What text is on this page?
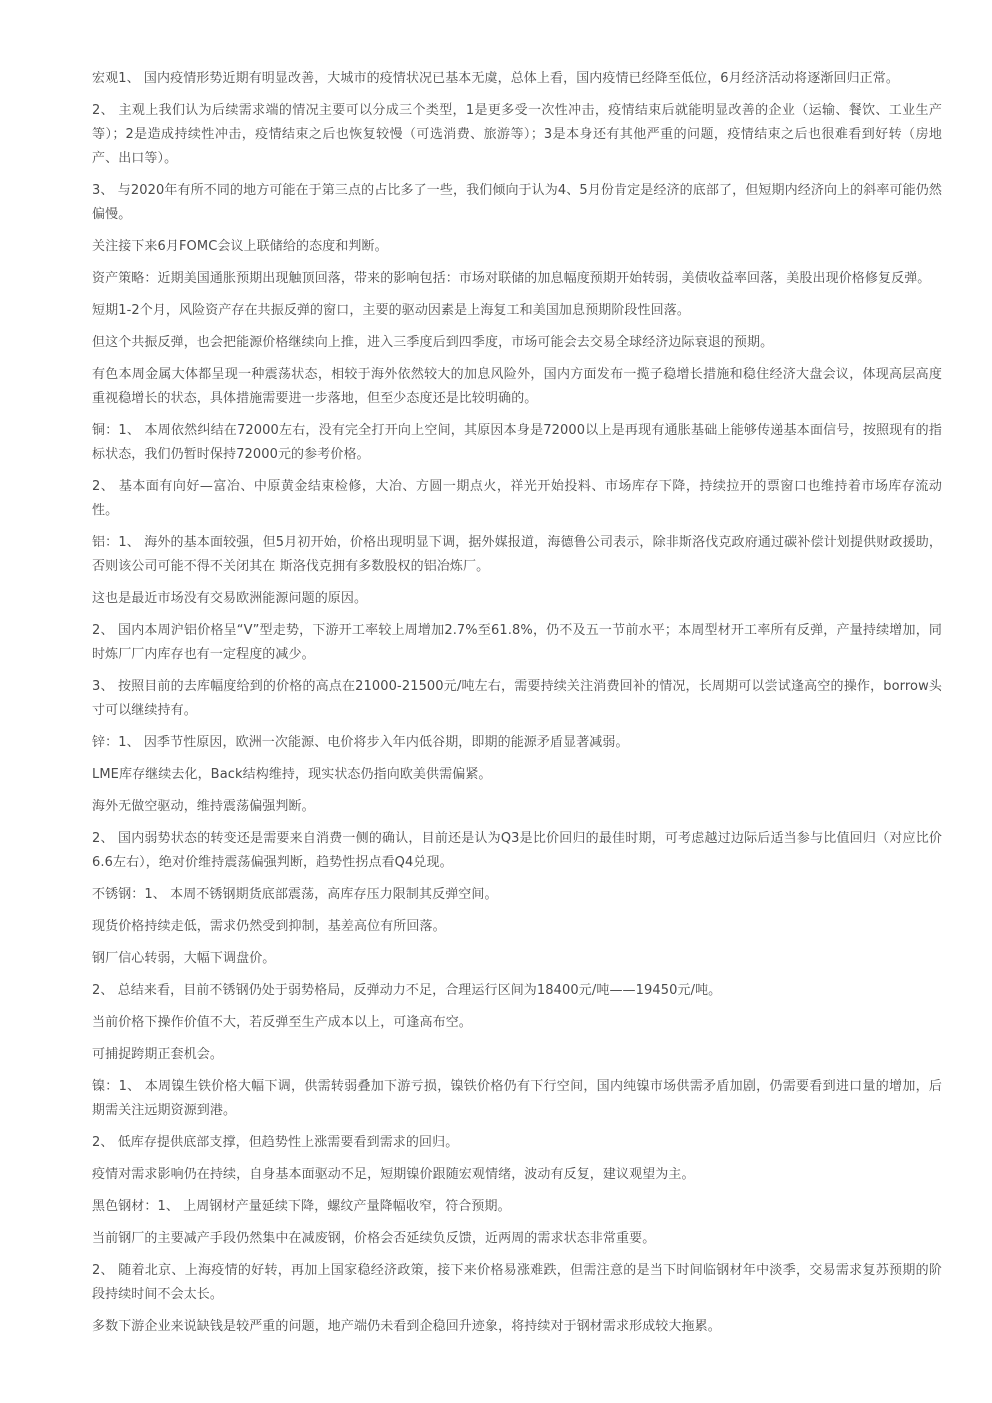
宏观1、 国内疫情形势近期有明显改善，大城市的疫情状况已基本无虞，总体上看，国内疫情已经降至低位，6月经济活动将逐渐回归正常。

2、 主观上我们认为后续需求端的情况主要可以分成三个类型，1是更多受一次性冲击，疫情结束后就能明显改善的企业（运输、餐饮、工业生产等）；2是造成持续性冲击，疫情结束之后也恢复较慢（可选消费、旅游等）；3是本身还有其他严重的问题，疫情结束之后也很难看到好转（房地产、出口等）。

3、 与2020年有所不同的地方可能在于第三点的占比多了一些，我们倾向于认为4、5月份肯定是经济的底部了，但短期内经济向上的斜率可能仍然偏慢。

关注接下来6月FOMC会议上联储给的态度和判断。

资产策略：近期美国通胀预期出现触顶回落，带来的影响包括：市场对联储的加息幅度预期开始转弱，美债收益率回落，美股出现价格修复反弹。

短期1-2个月，风险资产存在共振反弹的窗口，主要的驱动因素是上海复工和美国加息预期阶段性回落。

但这个共振反弹，也会把能源价格继续向上推，进入三季度后到四季度，市场可能会去交易全球经济边际衰退的预期。

有色本周金属大体都呈现一种震荡状态，相较于海外依然较大的加息风险外，国内方面发布一揽子稳增长措施和稳住经济大盘会议，体现高层高度重视稳增长的状态，具体措施需要进一步落地，但至少态度还是比较明确的。

铜：1、 本周依然纠结在72000左右，没有完全打开向上空间，其原因本身是72000以上是再现有通胀基础上能够传递基本面信号，按照现有的指标状态，我们仍暂时保持72000元的参考价格。

2、 基本面有向好—富冶、中原黄金结束检修，大冶、方圆一期点火，祥光开始投料、市场库存下降，持续拉开的票窗口也维持着市场库存流动性。

铝：1、 海外的基本面较强，但5月初开始，价格出现明显下调，据外媒报道，海德鲁公司表示，除非斯洛伐克政府通过碳补偿计划提供财政援助，否则该公司可能不得不关闭其在 斯洛伐克拥有多数股权的铝冶炼厂。

这也是最近市场没有交易欧洲能源问题的原因。

2、 国内本周沪铝价格呈“V”型走势，下游开工率较上周增加2.7%至61.8%，仍不及五一节前水平；本周型材开工率所有反弹，产量持续增加，同时炼厂厂内库存也有一定程度的减少。

3、 按照目前的去库幅度给到的价格的高点在21000-21500元/吨左右，需要持续关注消费回补的情况，长周期可以尝试逢高空的操作，borrow头寸可以继续持有。

锌：1、 因季节性原因，欧洲一次能源、电价将步入年内低谷期，即期的能源矛盾显著减弱。

LME库存继续去化，Back结构维持，现实状态仍指向欧美供需偏紧。

海外无做空驱动，维持震荡偏强判断。

2、 国内弱势状态的转变还是需要来自消费一侧的确认，目前还是认为Q3是比价回归的最佳时期，可考虑越过边际后适当参与比值回归（对应比价6.6左右），绝对价维持震荡偏强判断，趋势性拐点看Q4兑现。

不锈钢：1、 本周不锈钢期货底部震荡，高库存压力限制其反弹空间。

现货价格持续走低，需求仍然受到抑制，基差高位有所回落。

钢厂信心转弱，大幅下调盘价。

2、 总结来看，目前不锈钢仍处于弱势格局，反弹动力不足，合理运行区间为18400元/吨——19450元/吨。

当前价格下操作价值不大，若反弹至生产成本以上，可逢高布空。

可捕捉跨期正套机会。

镍：1、 本周镍生铁价格大幅下调，供需转弱叠加下游亏损，镍铁价格仍有下行空间，国内纯镍市场供需矛盾加剧，仍需要看到进口量的增加，后期需关注远期资源到港。

2、 低库存提供底部支撑，但趋势性上涨需要看到需求的回归。

疫情对需求影响仍在持续，自身基本面驱动不足，短期镍价跟随宏观情绪，波动有反复，建议观望为主。

黑色钢材：1、 上周钢材产量延续下降，螺纹产量降幅收窄，符合预期。

当前钢厂的主要减产手段仍然集中在减废钢，价格会否延续负反馈，近两周的需求状态非常重要。

2、 随着北京、上海疫情的好转，再加上国家稳经济政策，接下来价格易涨难跌，但需注意的是当下时间临钢材年中淡季，交易需求复苏预期的阶段持续时间不会太长。

多数下游企业来说缺钱是较严重的问题，地产端仍未看到企稳回升迹象，将持续对于钢材需求形成较大拖累。
